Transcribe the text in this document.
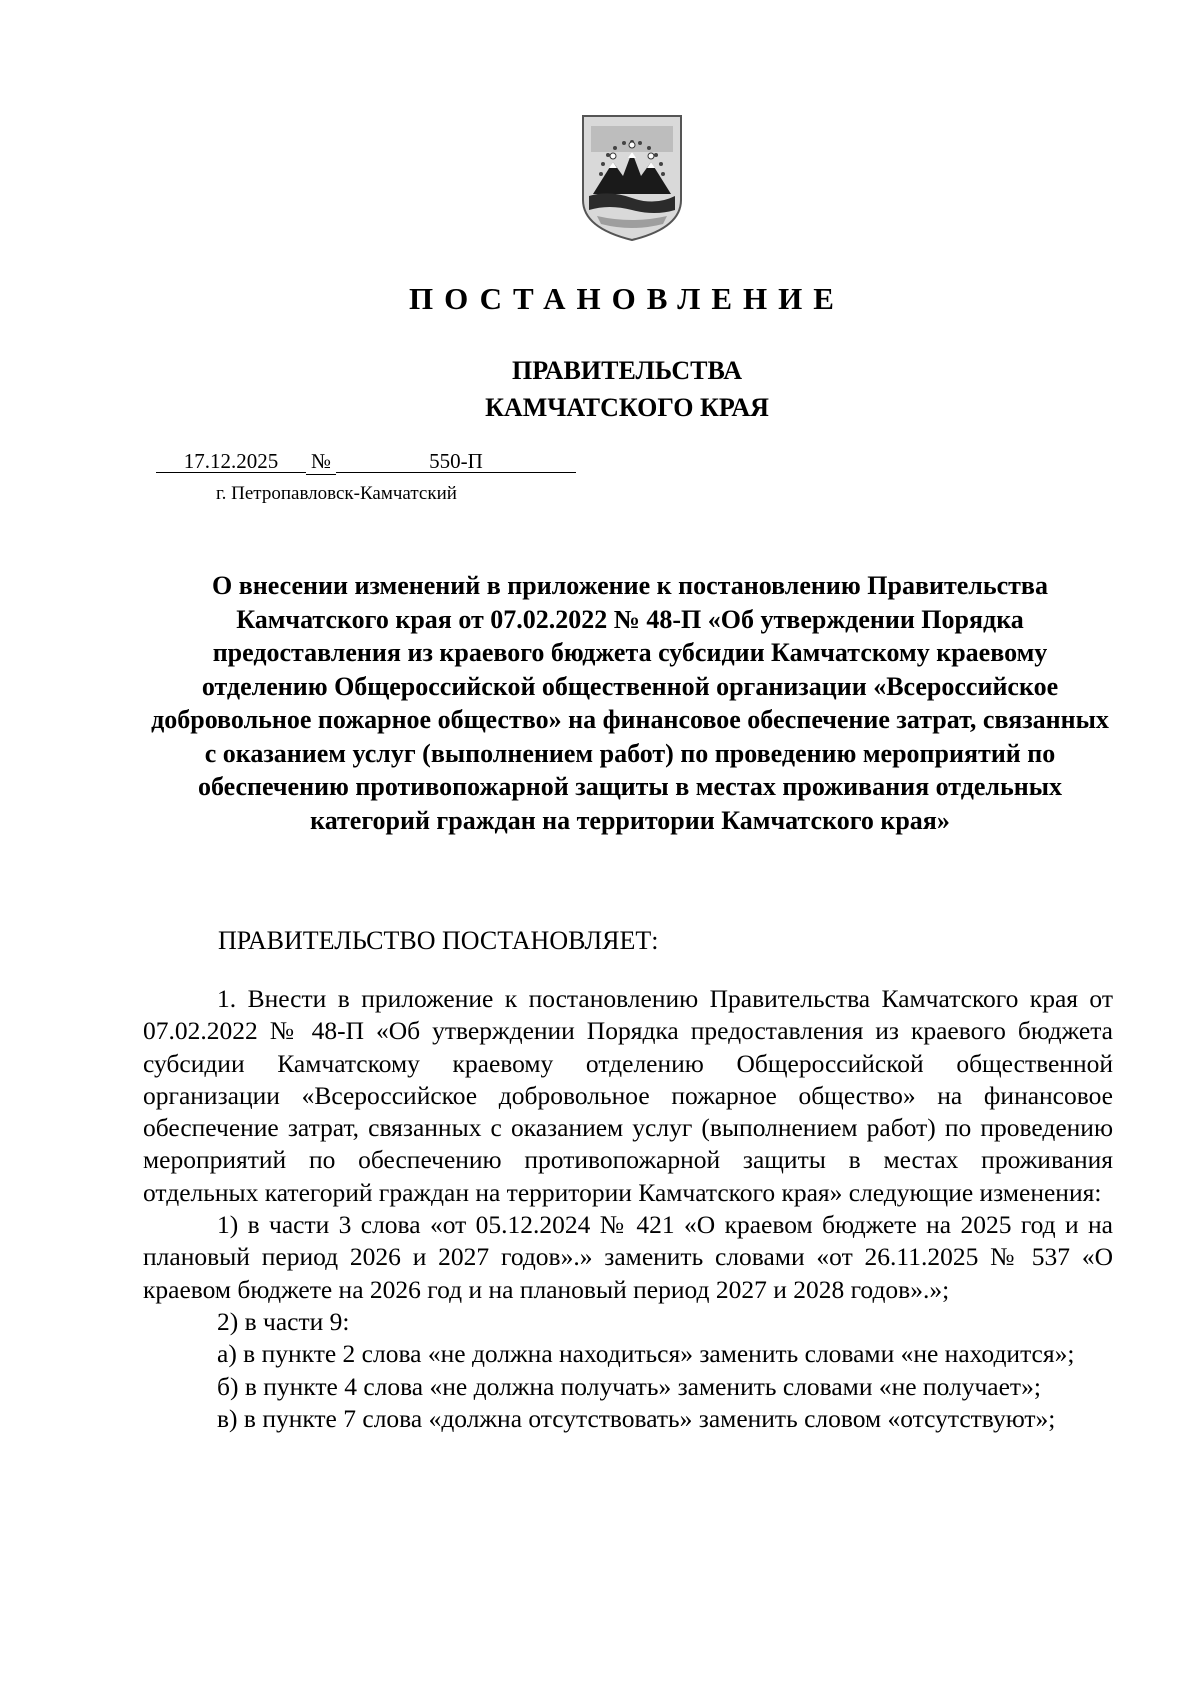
ПОСТАНОВЛЕНИЕ
ПРАВИТЕЛЬСТВА
КАМЧАТСКОГО КРАЯ
17.12.2025 №	550-П
г. Петропавловск-Камчатский
О внесении изменений в приложение к постановлению Правительства Камчатского края от 07.02.2022 № 48-П «Об утверждении Порядка предоставления из краевого бюджета субсидии Камчатскому краевому отделению Общероссийской общественной организации «Всероссийское добровольное пожарное общество» на финансовое обеспечение затрат, связанных с оказанием услуг (выполнением работ) по проведению мероприятий по обеспечению противопожарной защиты в местах проживания отдельных категорий граждан на территории Камчатского края»
ПРАВИТЕЛЬСТВО ПОСТАНОВЛЯЕТ:

1. Внести в приложение к постановлению Правительства Камчатского края от 07.02.2022 № 48-П «Об утверждении Порядка предоставления из краевого бюджета субсидии Камчатскому краевому отделению Общероссийской общественной организации «Всероссийское добровольное пожарное общество» на финансовое обеспечение затрат, связанных с оказанием услуг (выполнением работ) по проведению мероприятий по обеспечению противопожарной защиты в местах проживания отдельных категорий граждан на территории Камчатского края» следующие изменения:

1) в части 3 слова «от 05.12.2024 № 421 «О краевом бюджете на 2025 год и на плановый период 2026 и 2027 годов».» заменить словами «от 26.11.2025 № 537 «О краевом бюджете на 2026 год и на плановый период 2027 и 2028 годов».»;

2) в части 9:

а) в пункте 2 слова «не должна находиться» заменить словами «не находится»;

б) в пункте 4 слова «не должна получать» заменить словами «не получает»;

в) в пункте 7 слова «должна отсутствовать» заменить словом «отсутствуют»;
